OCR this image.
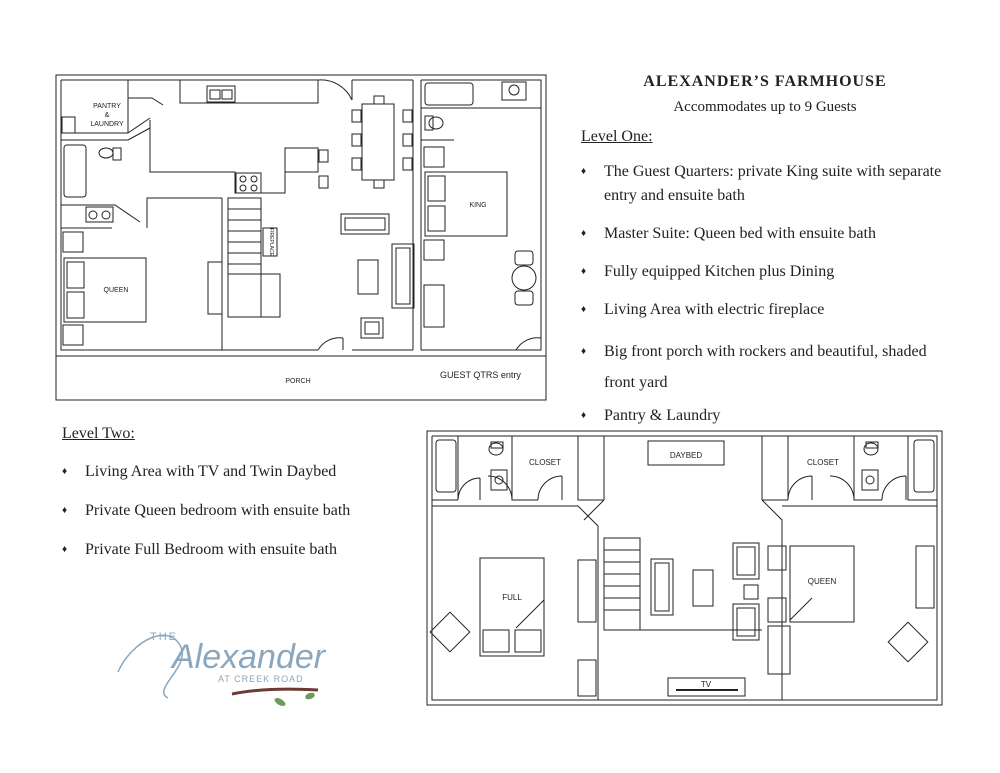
ALEXANDER’S FARMHOUSE
Accommodates up to 9 Guests
Level One:
♦ The Guest Quarters: private King suite with separate entry and ensuite bath
♦ Master Suite: Queen bed with ensuite bath
♦ Fully equipped Kitchen plus Dining
♦ Living Area with electric fireplace
♦ Big front porch with rockers and beautiful, shaded front yard
♦ Pantry & Laundry
Level Two:
♦ Living Area with TV and Twin Daybed
♦ Private Queen bedroom with ensuite bath
♦ Private Full Bedroom with ensuite bath
PANTRY
&
LAUNDRY
QUEEN
KING
FIREPLACE
PORCH
GUEST QTRS entry
CLOSET	CLOSET
DAYBED
FULL
QUEEN
TV
THE
Alexander
AT CREEK ROAD
